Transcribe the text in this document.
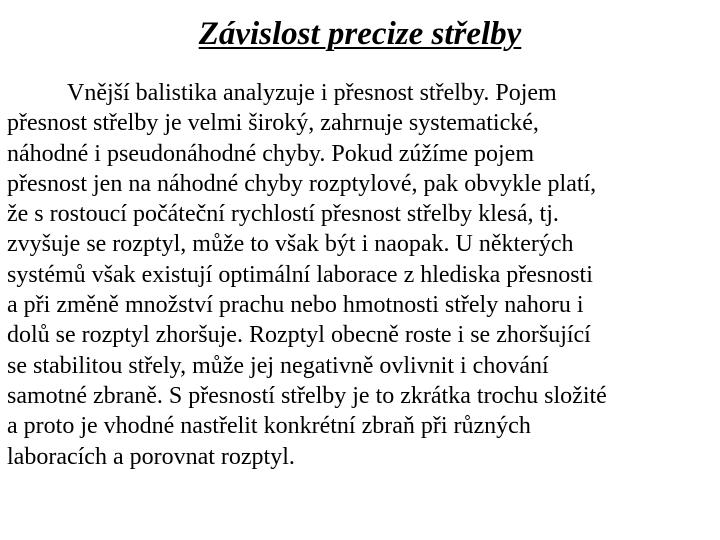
Závislost precize střelby
Vnější balistika analyzuje i přesnost střelby. Pojem
přesnost střelby je velmi široký, zahrnuje systematické,
náhodné i pseudonáhodné chyby. Pokud zúžíme pojem
přesnost jen na náhodné chyby rozptylové, pak obvykle platí,
že s rostoucí počáteční rychlostí přesnost střelby klesá, tj.
zvyšuje se rozptyl, může to však být i naopak. U některých
systémů však existují optimální laborace z hlediska přesnosti
a při změně množství prachu nebo hmotnosti střely nahoru i
dolů se rozptyl zhoršuje. Rozptyl obecně roste i se zhoršující
se stabilitou střely, může jej negativně ovlivnit i chování
samotné zbraně. S přesností střelby je to zkrátka trochu složité
a proto je vhodné nastřelit konkrétní zbraň při různých
laboracích a porovnat rozptyl.
